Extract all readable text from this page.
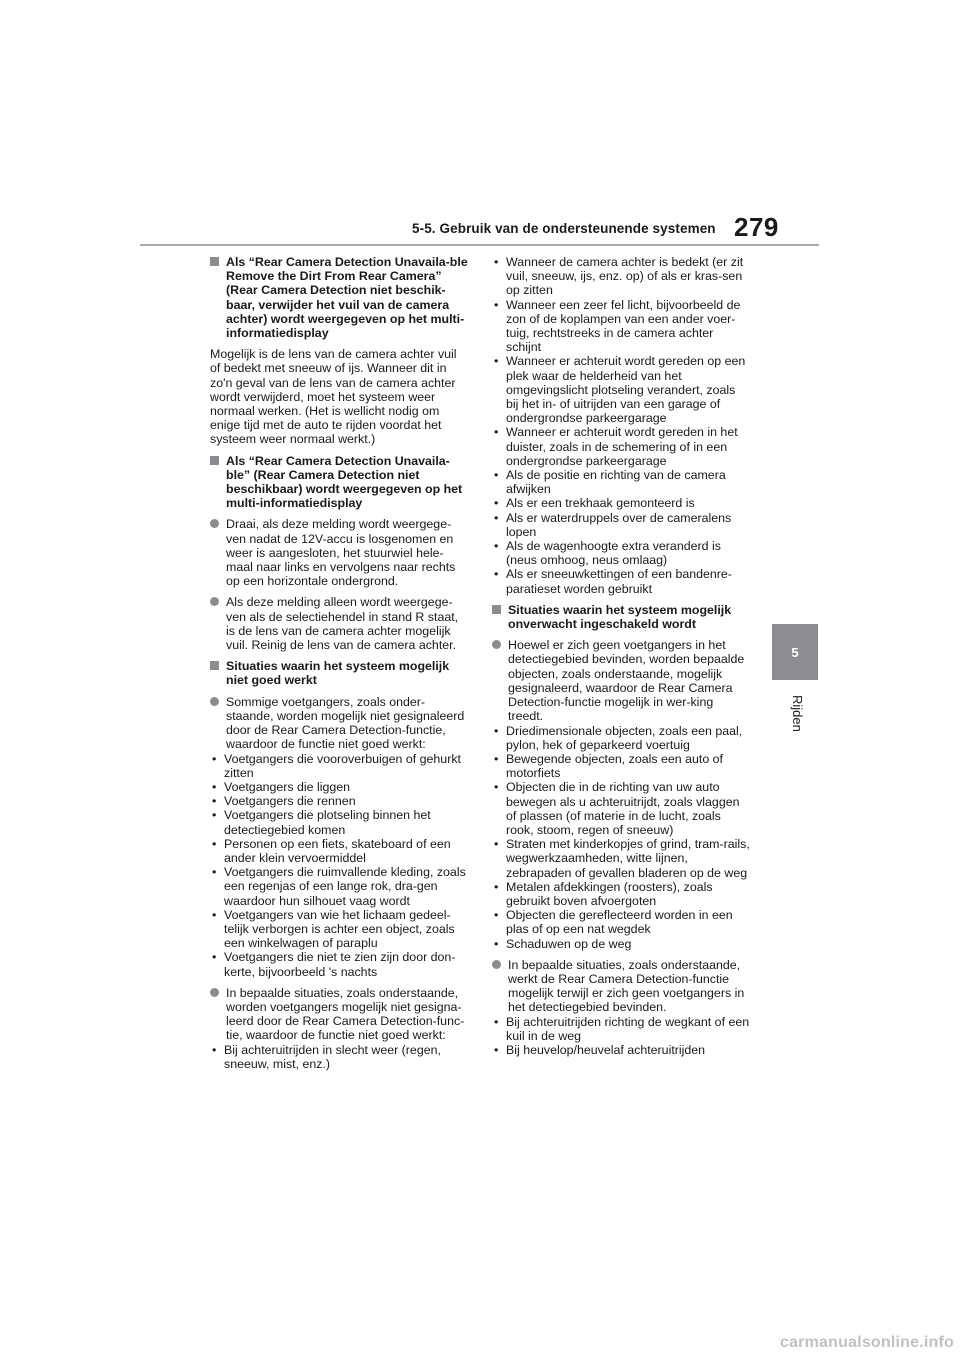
5-5. Gebruik van de ondersteunende systemen 279
5
Rijden
Als “Rear Camera Detection Unavaila-ble Remove the Dirt From Rear Camera” (Rear Camera Detection niet beschik-baar, verwijder het vuil van de camera achter) wordt weergegeven op het multi-informatiedisplay
Mogelijk is de lens van de camera achter vuil of bedekt met sneeuw of ijs. Wanneer dit in zo'n geval van de lens van de camera achter wordt verwijderd, moet het systeem weer normaal werken. (Het is wellicht nodig om enige tijd met de auto te rijden voordat het systeem weer normaal werkt.)
Als “Rear Camera Detection Unavaila-ble” (Rear Camera Detection niet beschikbaar) wordt weergegeven op het multi-informatiedisplay
Draai, als deze melding wordt weergege-ven nadat de 12V-accu is losgenomen en weer is aangesloten, het stuurwiel hele-maal naar links en vervolgens naar rechts op een horizontale ondergrond.
Als deze melding alleen wordt weergege-ven als de selectiehendel in stand R staat, is de lens van de camera achter mogelijk vuil. Reinig de lens van de camera achter.
Situaties waarin het systeem mogelijk niet goed werkt
Sommige voetgangers, zoals onder-staande, worden mogelijk niet gesignaleerd door de Rear Camera Detection-functie, waardoor de functie niet goed werkt:
• Voetgangers die vooroverbuigen of gehurkt zitten
• Voetgangers die liggen
• Voetgangers die rennen
• Voetgangers die plotseling binnen het detectiegebied komen
• Personen op een fiets, skateboard of een ander klein vervoermiddel
• Voetgangers die ruimvallende kleding, zoals een regenjas of een lange rok, dra-gen waardoor hun silhouet vaag wordt
• Voetgangers van wie het lichaam gedeel-telijk verborgen is achter een object, zoals een winkelwagen of paraplu
• Voetgangers die niet te zien zijn door don-kerte, bijvoorbeeld 's nachts
In bepaalde situaties, zoals onderstaande, worden voetgangers mogelijk niet gesigna-leerd door de Rear Camera Detection-func-tie, waardoor de functie niet goed werkt:
• Bij achteruitrijden in slecht weer (regen, sneeuw, mist, enz.)
• Wanneer de camera achter is bedekt (er zit vuil, sneeuw, ijs, enz. op) of als er kras-sen op zitten
• Wanneer een zeer fel licht, bijvoorbeeld de zon of de koplampen van een ander voer-tuig, rechtstreeks in de camera achter schijnt
• Wanneer er achteruit wordt gereden op een plek waar de helderheid van het omgevingslicht plotseling verandert, zoals bij het in- of uitrijden van een garage of ondergrondse parkeergarage
• Wanneer er achteruit wordt gereden in het duister, zoals in de schemering of in een ondergrondse parkeergarage
• Als de positie en richting van de camera afwijken
• Als er een trekhaak gemonteerd is
• Als er waterdruppels over de cameralens lopen
• Als de wagenhoogte extra veranderd is (neus omhoog, neus omlaag)
• Als er sneeuwkettingen of een bandenre-paratieset worden gebruikt
Situaties waarin het systeem mogelijk onverwacht ingeschakeld wordt
Hoewel er zich geen voetgangers in het detectiegebied bevinden, worden bepaalde objecten, zoals onderstaande, mogelijk gesignaleerd, waardoor de Rear Camera Detection-functie mogelijk in wer-king treedt.
• Driedimensionale objecten, zoals een paal, pylon, hek of geparkeerd voertuig
• Bewegende objecten, zoals een auto of motorfiets
• Objecten die in de richting van uw auto bewegen als u achteruitrijdt, zoals vlaggen of plassen (of materie in de lucht, zoals rook, stoom, regen of sneeuw)
• Straten met kinderkopjes of grind, tram-rails, wegwerkzaamheden, witte lijnen, zebrapaden of gevallen bladeren op de weg
• Metalen afdekkingen (roosters), zoals gebruikt boven afvoergoten
• Objecten die gereflecteerd worden in een plas of op een nat wegdek
• Schaduwen op de weg
In bepaalde situaties, zoals onderstaande, werkt de Rear Camera Detection-functie mogelijk terwijl er zich geen voetgangers in het detectiegebied bevinden.
• Bij achteruitrijden richting de wegkant of een kuil in de weg
• Bij heuvelop/heuvelaf achteruitrijden
carmanualsonline.info
